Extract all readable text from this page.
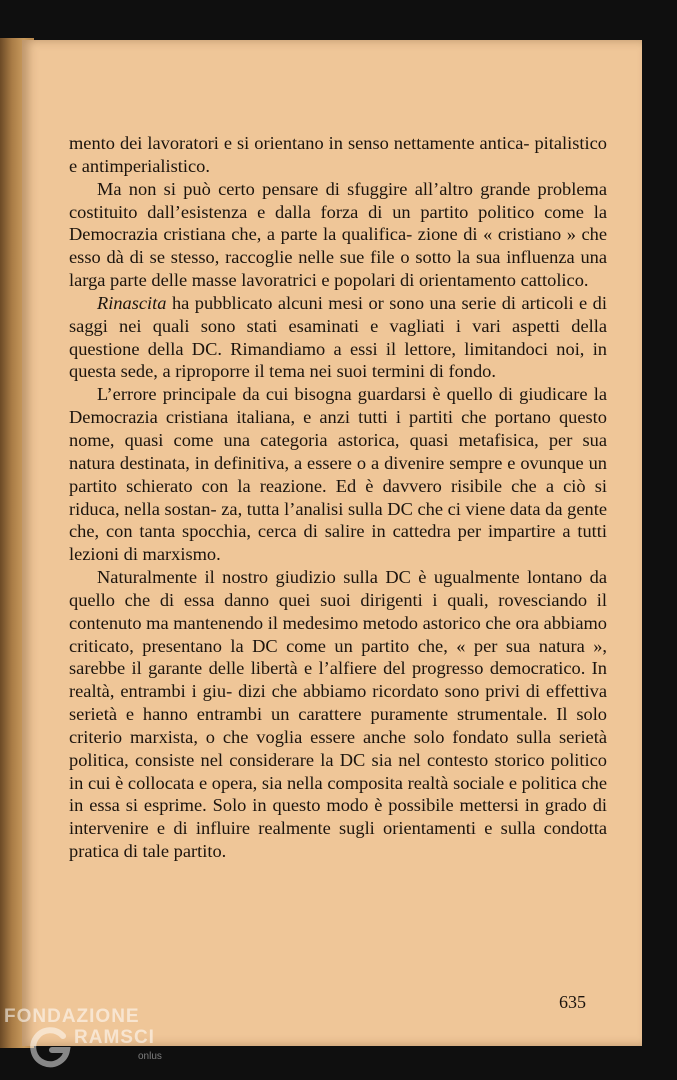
mento dei lavoratori e si orientano in senso nettamente antica- pitalistico e antimperialistico.

Ma non si può certo pensare di sfuggire all’altro grande problema costituito dall’esistenza e dalla forza di un partito politico come la Democrazia cristiana che, a parte la qualifica- zione di « cristiano » che esso dà di se stesso, raccoglie nelle sue file o sotto la sua influenza una larga parte delle masse lavoratrici e popolari di orientamento cattolico.

Rinascita ha pubblicato alcuni mesi or sono una serie di articoli e di saggi nei quali sono stati esaminati e vagliati i vari aspetti della questione della DC. Rimandiamo a essi il lettore, limitandoci noi, in questa sede, a riproporre il tema nei suoi termini di fondo.

L’errore principale da cui bisogna guardarsi è quello di giudicare la Democrazia cristiana italiana, e anzi tutti i partiti che portano questo nome, quasi come una categoria astorica, quasi metafisica, per sua natura destinata, in definitiva, a essere o a divenire sempre e ovunque un partito schierato con la reazione. Ed è davvero risibile che a ciò si riduca, nella sostan- za, tutta l’analisi sulla DC che ci viene data da gente che, con tanta spocchia, cerca di salire in cattedra per impartire a tutti lezioni di marxismo.

Naturalmente il nostro giudizio sulla DC è ugualmente lontano da quello che di essa danno quei suoi dirigenti i quali, rovesciando il contenuto ma mantenendo il medesimo metodo astorico che ora abbiamo criticato, presentano la DC come un partito che, « per sua natura », sarebbe il garante delle libertà e l’alfiere del progresso democratico. In realtà, entrambi i giu- dizi che abbiamo ricordato sono privi di effettiva serietà e hanno entrambi un carattere puramente strumentale. Il solo criterio marxista, o che voglia essere anche solo fondato sulla serietà politica, consiste nel considerare la DC sia nel contesto storico politico in cui è collocata e opera, sia nella composita realtà sociale e politica che in essa si esprime. Solo in questo modo è possibile mettersi in grado di intervenire e di influire realmente sugli orientamenti e sulla condotta pratica di tale partito.

635
FONDAZIONE
RAMSCI
onlus
